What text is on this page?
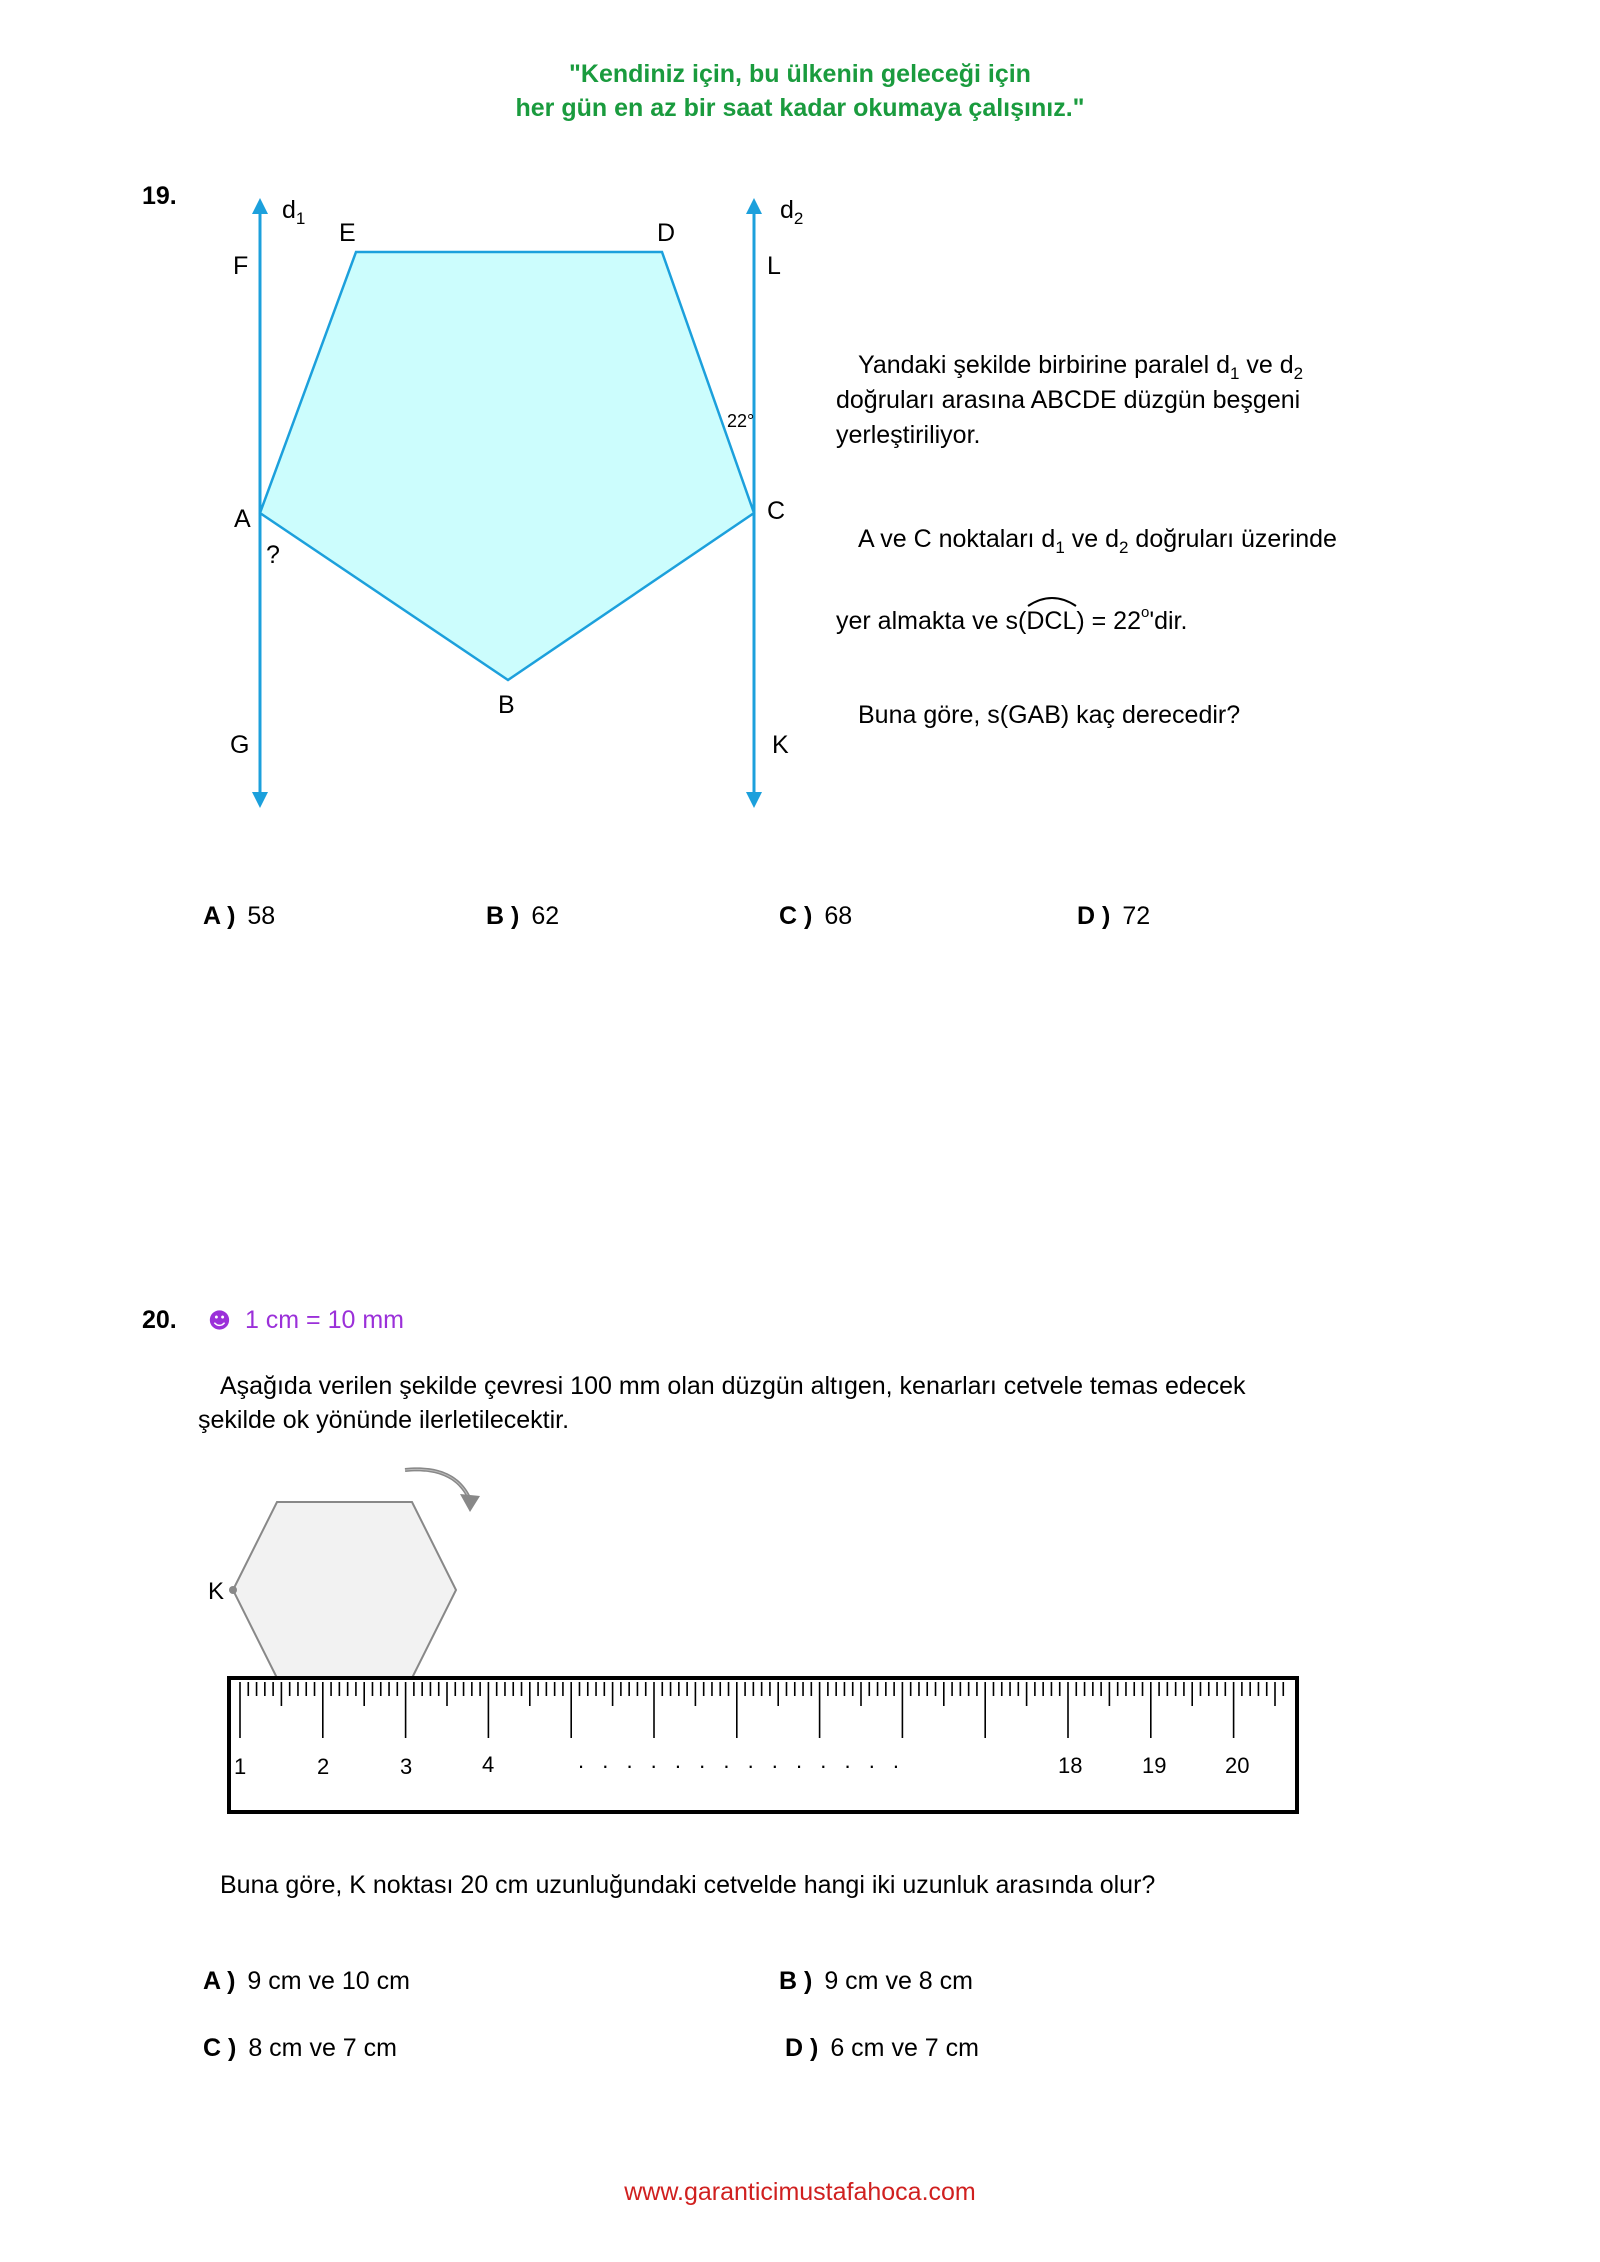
"Kendiniz için, bu ülkenin geleceği için
her gün en az bir saat kadar okumaya çalışınız."
19.	$d_1$	$d_2$
E	D
F	L
A	C
?
22°
B
G	K
Yandaki şekilde birbirine paralel $d_1$ ve $d_2$
doğruları arasına ABCDE düzgün beşgeni
yerleştiriliyor.
A ve C noktaları $d_1$ ve $d_2$ doğruları üzerinde
yer almakta ve s(
$DCL) = 22^o'dir$.
Buna göre, s(GAB) kaç derecedir?
A ) 58	B ) 62	C ) 68	D ) 72
20. ☻ 1 cm = 10 mm
Aşağıda verilen şekilde çevresi 100 mm olan düzgün altıgen, kenarları cetvele temas edecek
şekilde ok yönünde ilerletilecektir.
K
1	2	3	4	. . . . . . . . . . . . . .	18	19	20
Buna göre, K noktası 20 cm uzunluğundaki cetvelde hangi iki uzunluk arasında olur?
A ) 9 cm ve 10 cm	B ) 9 cm ve 8 cm
C ) 8 cm ve 7 cm	D ) 6 cm ve 7 cm
www.garanticimustafahoca.com
